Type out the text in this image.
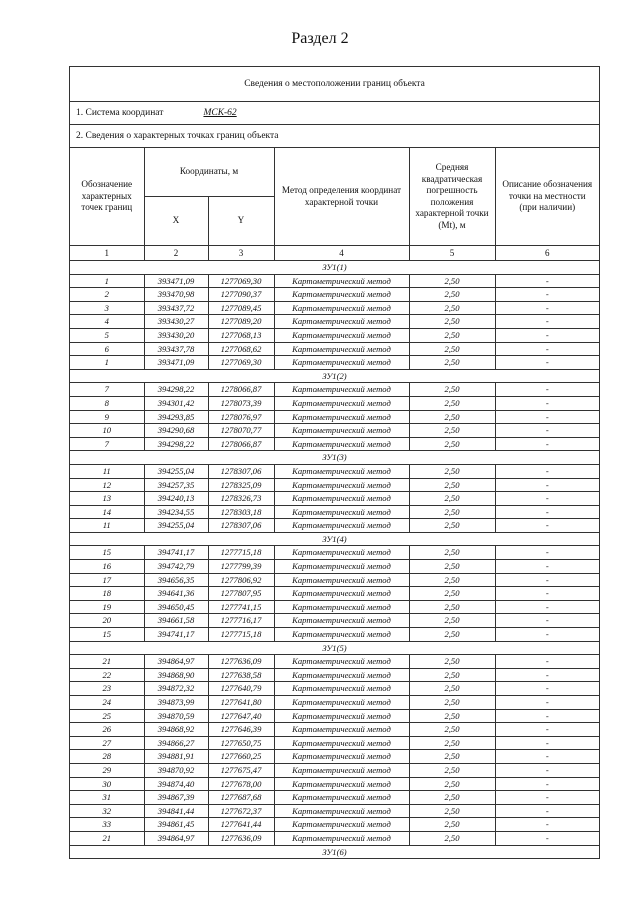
Раздел 2
Сведения о местоположении границ объекта
1. Система координат	МСК-62
2. Сведения о характерных точках границ объекта
Обозначение характерных точек границ	Координаты, м		Метод определения координат характерной точки	Средняя квадратическая погрешность положения характерной точки (Mt), м	Описание обозначения точки на местности (при наличии)
	X	Y			
1	2	3	4	5	6
ЗУ1(1)					
1	393471,09	1277069,30	Картометрический метод	2,50	-
2	393470,98	1277090,37	Картометрический метод	2,50	-
3	393437,72	1277089,45	Картометрический метод	2,50	-
4	393430,27	1277089,20	Картометрический метод	2,50	-
5	393430,20	1277068,13	Картометрический метод	2,50	-
6	393437,78	1277068,62	Картометрический метод	2,50	-
1	393471,09	1277069,30	Картометрический метод	2,50	-
ЗУ1(2)					
7	394298,22	1278066,87	Картометрический метод	2,50	-
8	394301,42	1278073,39	Картометрический метод	2,50	-
9	394293,85	1278076,97	Картометрический метод	2,50	-
10	394290,68	1278070,77	Картометрический метод	2,50	-
7	394298,22	1278066,87	Картометрический метод	2,50	-
ЗУ1(3)					
11	394255,04	1278307,06	Картометрический метод	2,50	-
12	394257,35	1278325,09	Картометрический метод	2,50	-
13	394240,13	1278326,73	Картометрический метод	2,50	-
14	394234,55	1278303,18	Картометрический метод	2,50	-
11	394255,04	1278307,06	Картометрический метод	2,50	-
ЗУ1(4)					
15	394741,17	1277715,18	Картометрический метод	2,50	-
16	394742,79	1277799,39	Картометрический метод	2,50	-
17	394656,35	1277806,92	Картометрический метод	2,50	-
18	394641,36	1277807,95	Картометрический метод	2,50	-
19	394650,45	1277741,15	Картометрический метод	2,50	-
20	394661,58	1277716,17	Картометрический метод	2,50	-
15	394741,17	1277715,18	Картометрический метод	2,50	-
ЗУ1(5)					
21	394864,97	1277636,09	Картометрический метод	2,50	-
22	394868,90	1277638,58	Картометрический метод	2,50	-
23	394872,32	1277640,79	Картометрический метод	2,50	-
24	394873,99	1277641,80	Картометрический метод	2,50	-
25	394870,59	1277647,40	Картометрический метод	2,50	-
26	394868,92	1277646,39	Картометрический метод	2,50	-
27	394866,27	1277650,75	Картометрический метод	2,50	-
28	394881,91	1277660,25	Картометрический метод	2,50	-
29	394870,92	1277675,47	Картометрический метод	2,50	-
30	394874,40	1277678,00	Картометрический метод	2,50	-
31	394867,39	1277687,68	Картометрический метод	2,50	-
32	394841,44	1277672,37	Картометрический метод	2,50	-
33	394861,45	1277641,44	Картометрический метод	2,50	-
21	394864,97	1277636,09	Картометрический метод	2,50	-
ЗУ1(6)					
